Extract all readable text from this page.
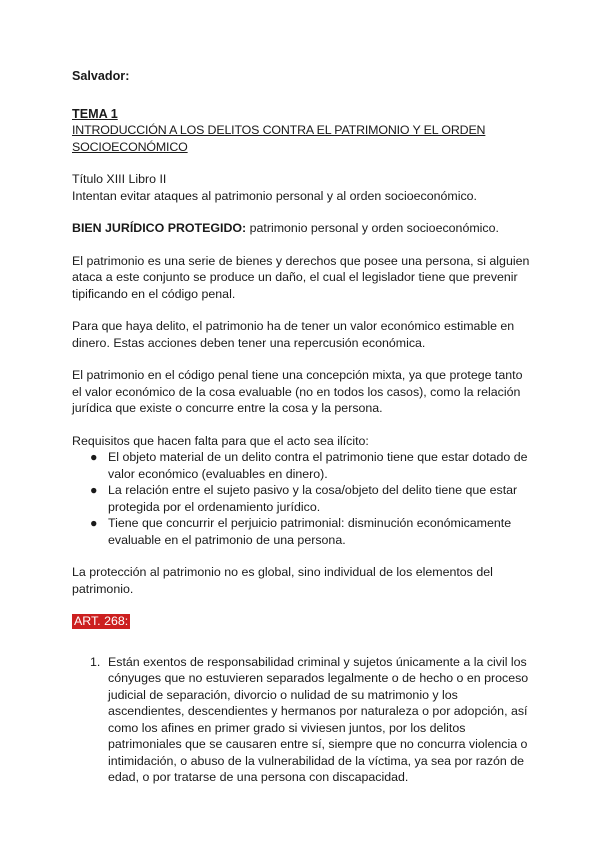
Salvador:

TEMA 1

INTRODUCCIÓN A LOS DELITOS CONTRA EL PATRIMONIO Y EL ORDEN

SOCIOECONÓMICO

Título XIII Libro II

Intentan evitar ataques al patrimonio personal y al orden socioeconómico.

BIEN JURÍDICO PROTEGIDO: patrimonio personal y orden socioeconómico.

El patrimonio es una serie de bienes y derechos que posee una persona, si alguien ataca a este conjunto se produce un daño, el cual el legislador tiene que prevenir tipificando en el código penal.

Para que haya delito, el patrimonio ha de tener un valor económico estimable en dinero. Estas acciones deben tener una repercusión económica.

El patrimonio en el código penal tiene una concepción mixta, ya que protege tanto el valor económico de la cosa evaluable (no en todos los casos), como la relación jurídica que existe o concurre entre la cosa y la persona.

Requisitos que hacen falta para que el acto sea ilícito:

● El objeto material de un delito contra el patrimonio tiene que estar dotado de valor económico (evaluables en dinero).
● La relación entre el sujeto pasivo y la cosa/objeto del delito tiene que estar protegida por el ordenamiento jurídico.
● Tiene que concurrir el perjuicio patrimonial: disminución económicamente evaluable en el patrimonio de una persona.

La protección al patrimonio no es global, sino individual de los elementos del patrimonio.

ART. 268:

1. Están exentos de responsabilidad criminal y sujetos únicamente a la civil los cónyuges que no estuvieren separados legalmente o de hecho o en proceso judicial de separación, divorcio o nulidad de su matrimonio y los ascendientes, descendientes y hermanos por naturaleza o por adopción, así como los afines en primer grado si viviesen juntos, por los delitos patrimoniales que se causaren entre sí, siempre que no concurra violencia o intimidación, o abuso de la vulnerabilidad de la víctima, ya sea por razón de edad, o por tratarse de una persona con discapacidad.
